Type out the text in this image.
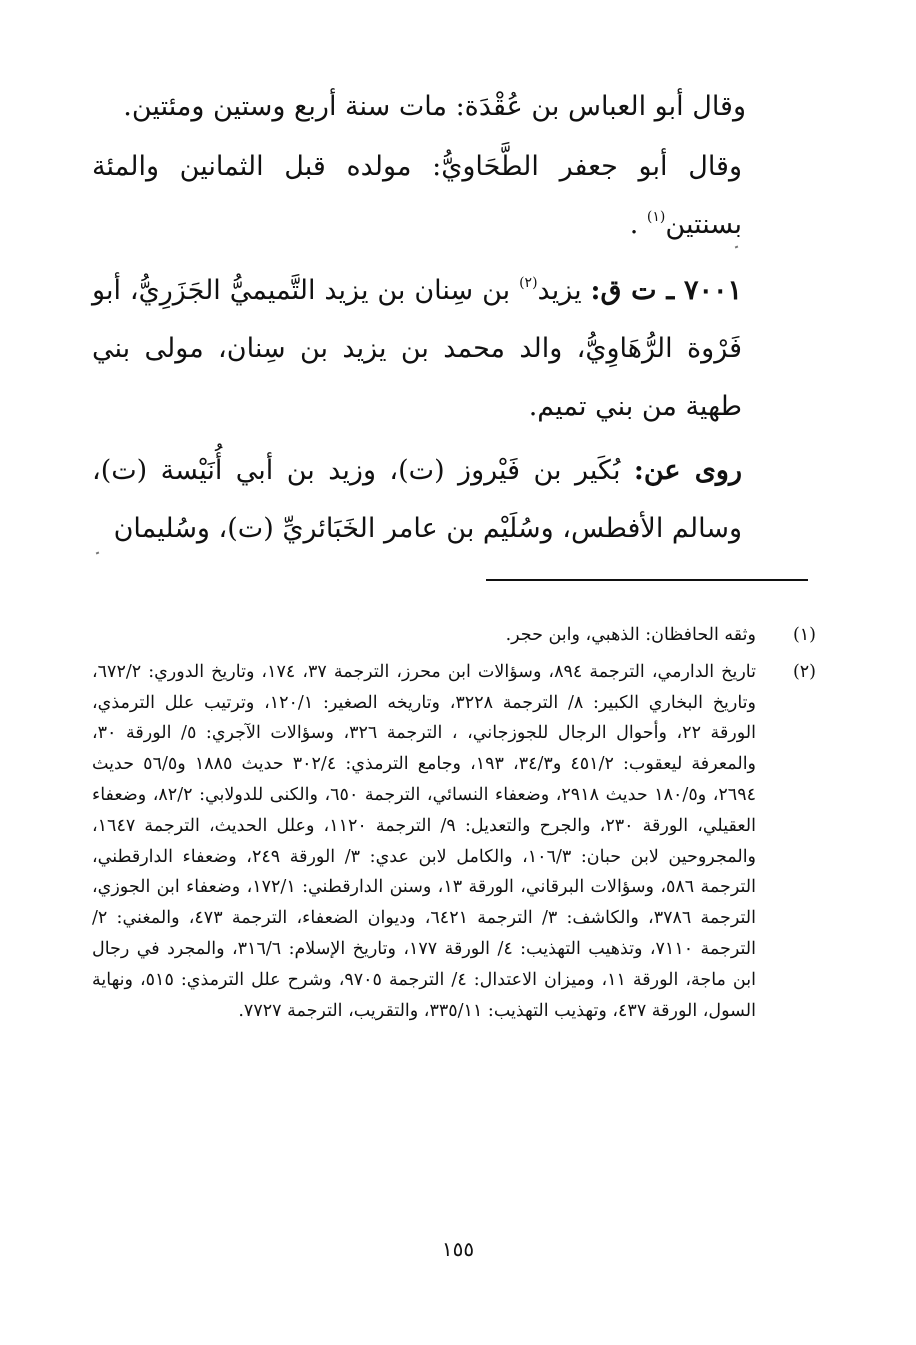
وقال أبو العباس بن عُقْدَة: مات سنة أربع وستين ومئتين.

وقال أبو جعفر الطَّحَاويُّ: مولده قبل الثمانين والمئة بسنتين$^{(١)}$ .

٧٠٠١ ـ ت ق: يزيد$^{(٢)}$ بن سِنان بن يزيد التَّميميُّ الجَزَرِيُّ، أبو فَرْوة الرُّهَاوِيُّ، والد محمد بن يزيد بن سِنان، مولى بني طهية من بني تميم.

روى عن: بُكَير بن فَيْروز (ت)، وزيد بن أبي أُنَيْسة (ت)، وسالم الأفطس، وسُلَيْم بن عامر الخَبَائريِّ (ت)، وسُليمان

(١)
وثقه الحافظان: الذهبي، وابن حجر.
(٢)
تاريخ الدارمي، الترجمة ٨٩٤، وسؤالات ابن محرز، الترجمة ٣٧، ١٧٤، وتاريخ الدوري: ٦٧٢/٢، وتاريخ البخاري الكبير: ٨/ الترجمة ٣٢٢٨، وتاريخه الصغير: ١٢٠/١، وترتيب علل الترمذي، الورقة ٢٢، وأحوال الرجال للجوزجاني، ، الترجمة ٣٢٦، وسؤالات الآجري: ٥/ الورقة ٣٠، والمعرفة ليعقوب: ٤٥١/٢ و٣٤/٣، ١٩٣، وجامع الترمذي: ٣٠٢/٤ حديث ١٨٨٥ و٥٦/٥ حديث ٢٦٩٤، و١٨٠/٥ حديث ٢٩١٨، وضعفاء النسائي، الترجمة ٦٥٠، والكنى للدولابي: ٨٢/٢، وضعفاء العقيلي، الورقة ٢٣٠، والجرح والتعديل: ٩/ الترجمة ١١٢٠، وعلل الحديث، الترجمة ١٦٤٧، والمجروحين لابن حبان: ١٠٦/٣، والكامل لابن عدي: ٣/ الورقة ٢٤٩، وضعفاء الدارقطني، الترجمة ٥٨٦، وسؤالات البرقاني، الورقة ١٣، وسنن الدارقطني: ١٧٢/١، وضعفاء ابن الجوزي، الترجمة ٣٧٨٦، والكاشف: ٣/ الترجمة ٦٤٢١، وديوان الضعفاء، الترجمة ٤٧٣، والمغني: ٢/ الترجمة ٧١١٠، وتذهيب التهذيب: ٤/ الورقة ١٧٧، وتاريخ الإسلام: ٣١٦/٦، والمجرد في رجال ابن ماجة، الورقة ١١، وميزان الاعتدال: ٤/ الترجمة ٩٧٠٥، وشرح علل الترمذي: ٥١٥، ونهاية السول، الورقة ٤٣٧، وتهذيب التهذيب: ٣٣٥/١١، والتقريب، الترجمة ٧٧٢٧.
١٥٥
